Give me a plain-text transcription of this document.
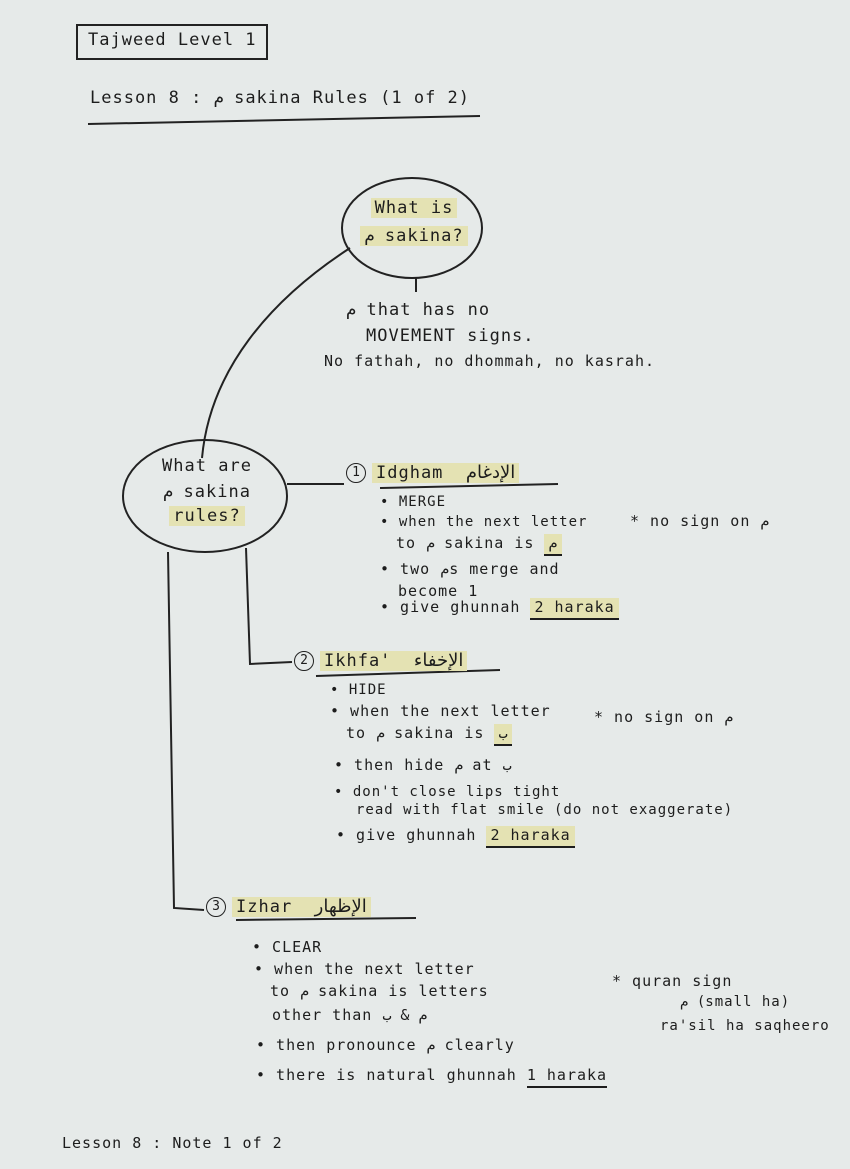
Tajweed Level 1
Lesson 8 : م sakina Rules (1 of 2)
What is
م sakina?
م that has no
MOVEMENT signs.
No fathah, no dhommah, no kasrah.
What are
م sakina
rules?
1 Idgham الإدغام
• MERGE
• when the next letter
to م sakina is م
• two مs merge and
become 1
• give ghunnah 2 haraka
* no sign on م
2 Ikhfa' الإخفاء
• HIDE
• when the next letter
to م sakina is ب
• then hide م at ب
• don't close lips tight
read with flat smile (do not exaggerate)
• give ghunnah 2 haraka
* no sign on م
3 Izhar الإظهار
• CLEAR
• when the next letter
to م sakina is letters
other than م & ب
• then pronounce م clearly
• there is natural ghunnah 1 haraka
* quran sign
م (small ha)
ra'sil ha saqheero
Lesson 8 : Note 1 of 2
